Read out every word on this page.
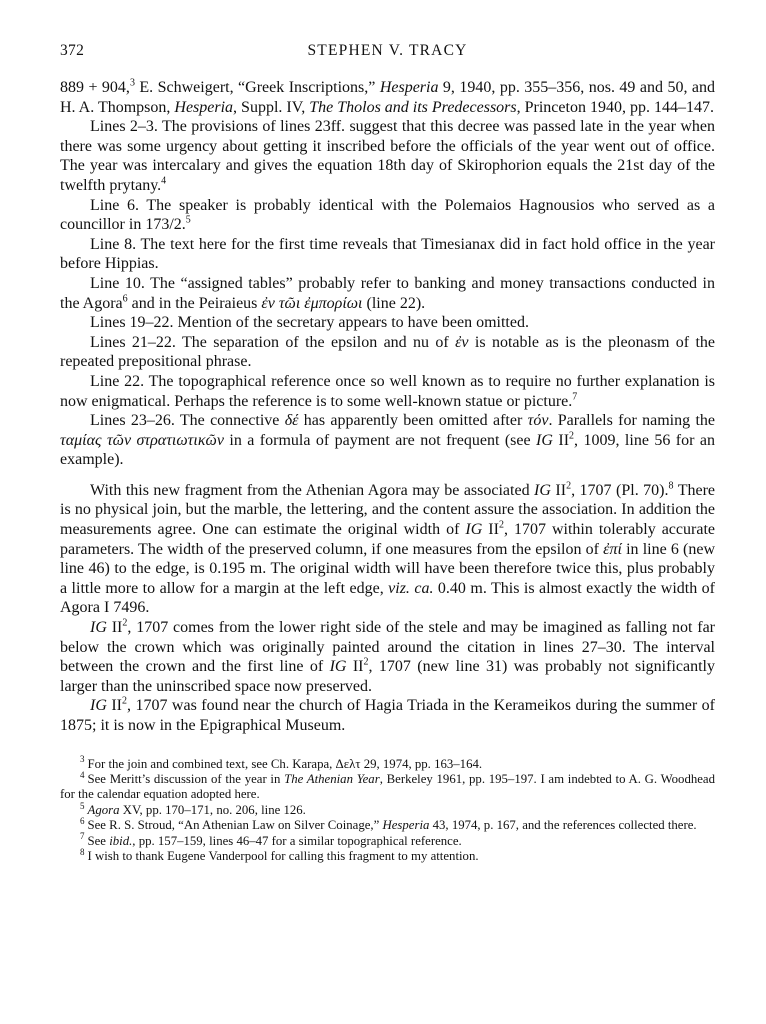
372	STEPHEN V. TRACY

889 + 904,$^3$ E. Schweigert, “Greek Inscriptions,” Hesperia 9, 1940, pp. 355–356, nos. 49 and 50, and H. A. Thompson, Hesperia, Suppl. IV, The Tholos and its Predecessors, Princeton 1940, pp. 144–147.

Lines 2–3. The provisions of lines 23ff. suggest that this decree was passed late in the year when there was some urgency about getting it inscribed before the officials of the year went out of office. The year was intercalary and gives the equation 18th day of Skirophorion equals the 21st day of the twelfth prytany.$^4$

Line 6. The speaker is probably identical with the Polemaios Hagnousios who served as a councillor in 173/2.$^5$

Line 8. The text here for the first time reveals that Timesianax did in fact hold office in the year before Hippias.

Line 10. The “assigned tables” probably refer to banking and money transactions conducted in the Agora$^6$ and in the Peiraieus ἐν τῶι ἐμπορίωι (line 22).

Lines 19–22. Mention of the secretary appears to have been omitted.

Lines 21–22. The separation of the epsilon and nu of ἐν is notable as is the pleonasm of the repeated prepositional phrase.

Line 22. The topographical reference once so well known as to require no further explanation is now enigmatical. Perhaps the reference is to some well-known statue or picture.$^7$

Lines 23–26. The connective δέ has apparently been omitted after τόν. Parallels for naming the ταμίας τῶν στρατιωτικῶν in a formula of payment are not frequent (see IG $II^2$, 1009, line 56 for an example).

With this new fragment from the Athenian Agora may be associated IG $II^2$, 1707 (Pl. 70).$^8$ There is no physical join, but the marble, the lettering, and the content assure the association. In addition the measurements agree. One can estimate the original width of IG $II^2$, 1707 within tolerably accurate parameters. The width of the preserved column, if one measures from the epsilon of ἐπί in line 6 (new line 46) to the edge, is 0.195 m. The original width will have been therefore twice this, plus probably a little more to allow for a margin at the left edge, viz. ca. 0.40 m. This is almost exactly the width of Agora I 7496.

IG $II^2$, 1707 comes from the lower right side of the stele and may be imagined as falling not far below the crown which was originally painted around the citation in lines 27–30. The interval between the crown and the first line of IG $II^2$, 1707 (new line 31) was probably not significantly larger than the uninscribed space now preserved.

IG $II^2$, 1707 was found near the church of Hagia Triada in the Kerameikos during the summer of 1875; it is now in the Epigraphical Museum.

$^3$ For the join and combined text, see Ch. Karapa, Δελτ 29, 1974, pp. 163–164.

$^4$ See Meritt’s discussion of the year in The Athenian Year, Berkeley 1961, pp. 195–197. I am indebted to A. G. Woodhead for the calendar equation adopted here.

$^5$ Agora XV, pp. 170–171, no. 206, line 126.

$^6$ See R. S. Stroud, “An Athenian Law on Silver Coinage,” Hesperia 43, 1974, p. 167, and the references collected there.

$^7$ See ibid., pp. 157–159, lines 46–47 for a similar topographical reference.

$^8$ I wish to thank Eugene Vanderpool for calling this fragment to my attention.
